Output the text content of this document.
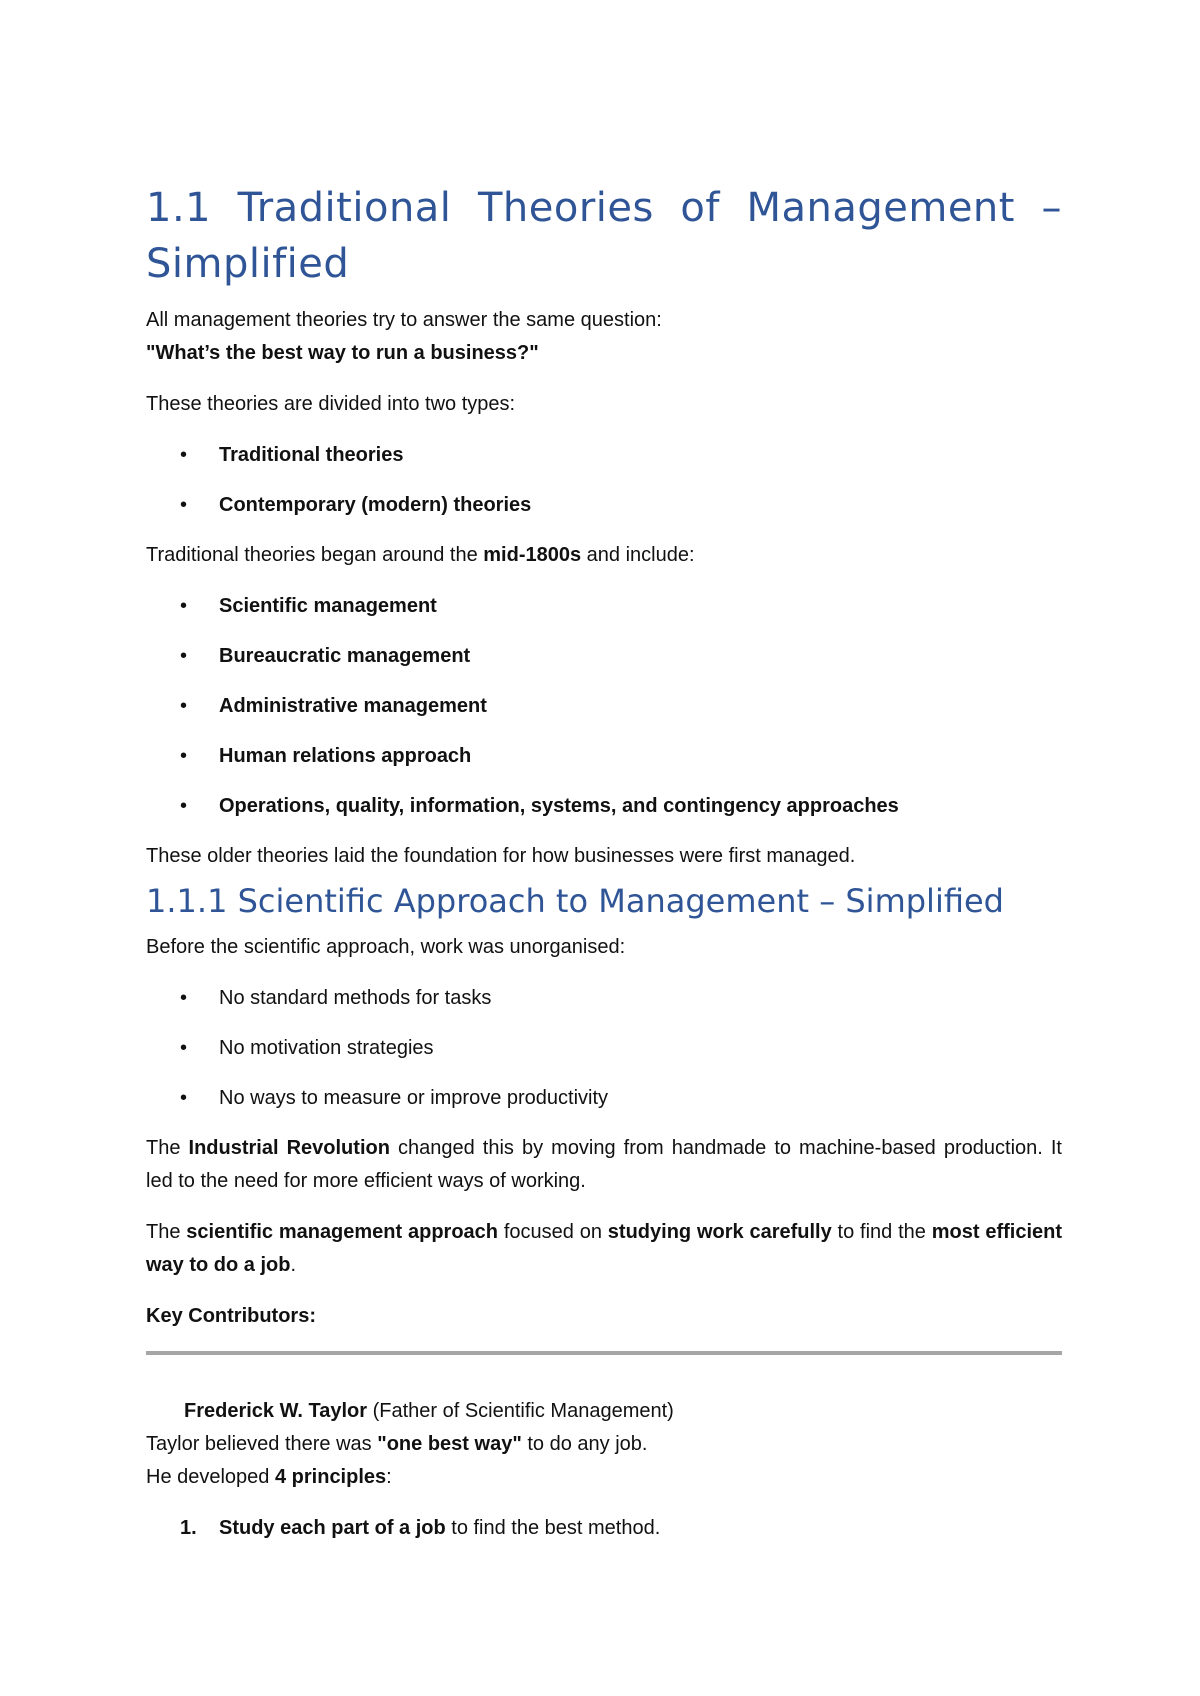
1.1 Traditional Theories of Management – Simplified

All management theories try to answer the same question:

"What’s the best way to run a business?"

These theories are divided into two types:

• Traditional theories
• Contemporary (modern) theories

Traditional theories began around the mid-1800s and include:

• Scientific management
• Bureaucratic management
• Administrative management
• Human relations approach
• Operations, quality, information, systems, and contingency approaches

These older theories laid the foundation for how businesses were first managed.

1.1.1 Scientific Approach to Management – Simplified

Before the scientific approach, work was unorganised:

• No standard methods for tasks
• No motivation strategies
• No ways to measure or improve productivity

The Industrial Revolution changed this by moving from handmade to machine-based production. It led to the need for more efficient ways of working.

The scientific management approach focused on studying work carefully to find the most efficient way to do a job.

Key Contributors:

Frederick W. Taylor (Father of Scientific Management)

Taylor believed there was "one best way" to do any job.

He developed 4 principles:

1. Study each part of a job to find the best method.
